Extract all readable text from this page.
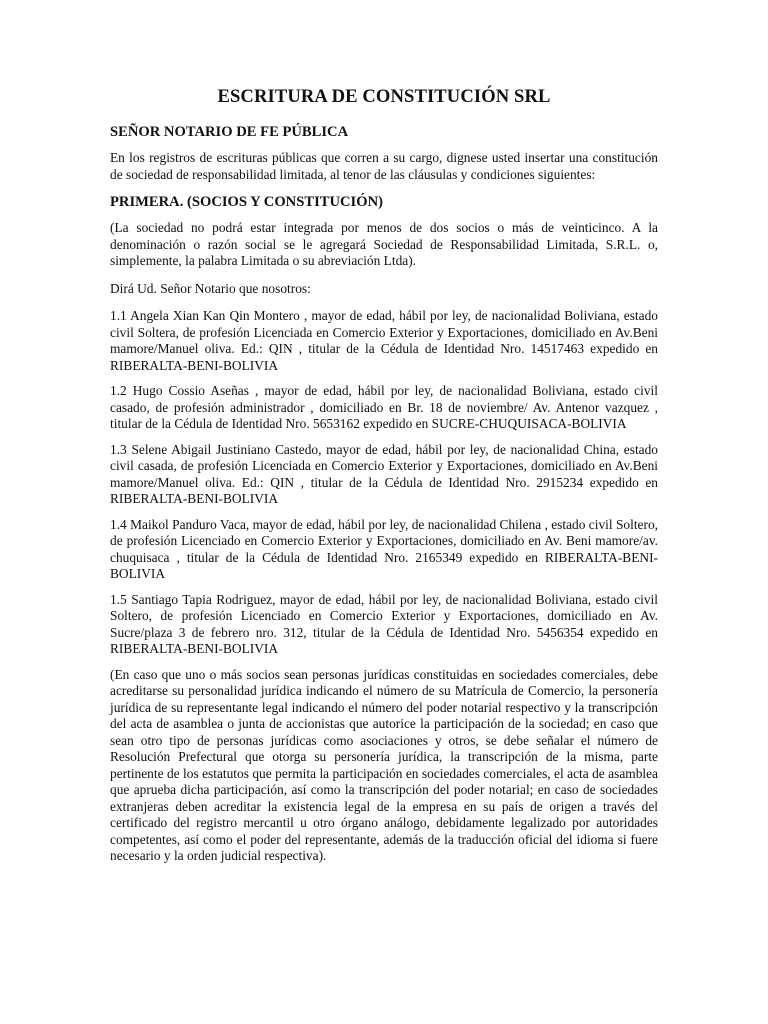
ESCRITURA DE CONSTITUCIÓN SRL
SEÑOR NOTARIO DE FE PÚBLICA

En los registros de escrituras públicas que corren a su cargo, dignese usted insertar una constitución de sociedad de responsabilidad limitada, al tenor de las cláusulas y condiciones siguientes:

PRIMERA. (SOCIOS Y CONSTITUCIÓN)

(La sociedad no podrá estar integrada por menos de dos socios o más de veinticinco. A la denominación o razón social se le agregará Sociedad de Responsabilidad Limitada, S.R.L. o, simplemente, la palabra Limitada o su abreviación Ltda).

Dirá Ud. Señor Notario que nosotros:

1.1 Angela Xian Kan Qin Montero , mayor de edad, hábil por ley, de nacionalidad Boliviana, estado civil Soltera, de profesión Licenciada en Comercio Exterior y Exportaciones, domiciliado en Av.Beni mamore/Manuel oliva. Ed.: QIN , titular de la Cédula de Identidad Nro. 14517463 expedido en RIBERALTA-BENI-BOLIVIA

1.2 Hugo Cossio Aseñas , mayor de edad, hábil por ley, de nacionalidad Boliviana, estado civil casado, de profesión administrador , domiciliado en Br. 18 de noviembre/ Av. Antenor vazquez , titular de la Cédula de Identidad Nro. 5653162 expedido en SUCRE-CHUQUISACA-BOLIVIA

1.3 Selene Abigail Justiniano Castedo, mayor de edad, hábil por ley, de nacionalidad China, estado civil casada, de profesión Licenciada en Comercio Exterior y Exportaciones, domiciliado en Av.Beni mamore/Manuel oliva. Ed.: QIN , titular de la Cédula de Identidad Nro. 2915234 expedido en RIBERALTA-BENI-BOLIVIA

1.4 Maikol Panduro Vaca, mayor de edad, hábil por ley, de nacionalidad Chilena , estado civil Soltero, de profesión Licenciado en Comercio Exterior y Exportaciones, domiciliado en Av. Beni mamore/av. chuquisaca , titular de la Cédula de Identidad Nro. 2165349 expedido en RIBERALTA-BENI-BOLIVIA

1.5 Santiago Tapia Rodriguez, mayor de edad, hábil por ley, de nacionalidad Boliviana, estado civil Soltero, de profesión Licenciado en Comercio Exterior y Exportaciones, domiciliado en Av. Sucre/plaza 3 de febrero nro. 312, titular de la Cédula de Identidad Nro. 5456354 expedido en RIBERALTA-BENI-BOLIVIA

(En caso que uno o más socios sean personas jurídicas constituidas en sociedades comerciales, debe acreditarse su personalidad jurídica indicando el número de su Matrícula de Comercio, la personería jurídica de su representante legal indicando el número del poder notarial respectivo y la transcripción del acta de asamblea o junta de accionistas que autorice la participación de la sociedad; en caso que sean otro tipo de personas jurídicas como asociaciones y otros, se debe señalar el número de Resolución Prefectural que otorga su personería jurídica, la transcripción de la misma, parte pertinente de los estatutos que permita la participación en sociedades comerciales, el acta de asamblea que aprueba dicha participación, así como la transcripción del poder notarial; en caso de sociedades extranjeras deben acreditar la existencia legal de la empresa en su país de origen a través del certificado del registro mercantil u otro órgano análogo, debidamente legalizado por autoridades competentes, así como el poder del representante, además de la traducción oficial del idioma si fuere necesario y la orden judicial respectiva).
